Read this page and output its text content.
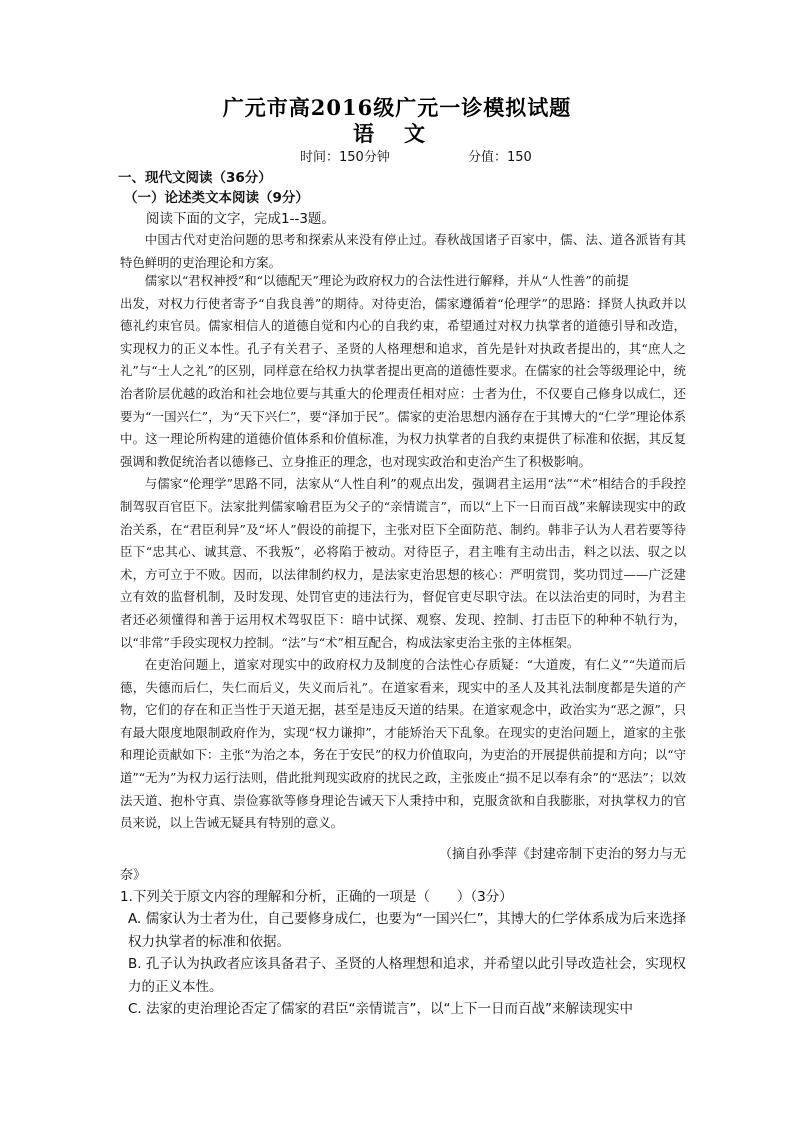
广元市高2016级广元一诊模拟试题
语文
时间：150分钟	分值：150
一、现代文阅读（36分）
（一）论述类文本阅读（9分）
阅读下面的文字，完成1--3题。

中国古代对吏治问题的思考和探索从来没有停止过。春秋战国诸子百家中，儒、法、道各派皆有其特色鲜明的吏治理论和方案。

儒家以“君权神授”和“以德配天”理论为政府权力的合法性进行解释，并从“人性善”的前提

出发，对权力行使者寄予“自我良善”的期待。对待吏治，儒家遵循着“伦理学”的思路：择贤人执政并以德礼约束官员。儒家相信人的道德自觉和内心的自我约束，希望通过对权力执掌者的道德引导和改造，实现权力的正义本性。孔子有关君子、圣贤的人格理想和追求，首先是针对执政者提出的，其“庶人之礼”与“士人之礼”的区别，同样意在给权力执掌者提出更高的道德性要求。在儒家的社会等级理论中，统治者阶层优越的政治和社会地位要与其重大的伦理责任相对应：士者为仕，不仅要自己修身以成仁，还要为“一国兴仁”，为“天下兴仁”，要“泽加于民”。儒家的吏治思想内涵存在于其博大的“仁学”理论体系中。这一理论所构建的道德价值体系和价值标准，为权力执掌者的自我约束提供了标准和依据，其反复强调和教促统治者以德修己、立身推正的理念，也对现实政治和吏治产生了积极影响。

与儒家“伦理学”思路不同，法家从“人性自利”的观点出发，强调君主运用“法”“术”相结合的手段控制驾驭百官臣下。法家批判儒家喻君臣为父子的“亲情谎言”，而以“上下一日而百战”来解读现实中的政治关系，在“君臣利异”及“坏人”假设的前提下，主张对臣下全面防范、制约。韩非子认为人君若要等待臣下“忠其心、诚其意、不我叛”，必将陷于被动。对待臣子，君主唯有主动出击，料之以法、驭之以术，方可立于不败。因而，以法律制约权力，是法家吏治思想的核心：严明赏罚，奖功罚过——广泛建立有效的监督机制，及时发现、处罚官吏的违法行为，督促官吏尽职守法。在以法治吏的同时，为君主者还必须懂得和善于运用权术驾驭臣下：暗中试探、观察、发现、控制、打击臣下的种种不轨行为，以“非常”手段实现权力控制。“法”与“术”相互配合，构成法家吏治主张的主体框架。

在吏治问题上，道家对现实中的政府权力及制度的合法性心存质疑：“大道废，有仁义”“失道而后德，失德而后仁，失仁而后义，失义而后礼”。在道家看来，现实中的圣人及其礼法制度都是失道的产物，它们的存在和正当性于天道无据，甚至是违反天道的结果。在道家观念中，政治实为“恶之源”，只有最大限度地限制政府作为，实现“权力谦抑”，才能矫治天下乱象。在现实的吏治问题上，道家的主张和理论贡献如下：主张“为治之本，务在于安民”的权力价值取向，为吏治的开展提供前提和方向；以“守道”“无为”为权力运行法则，借此批判现实政府的扰民之政，主张废止“损不足以奉有余”的“恶法”；以效法天道、抱朴守真、崇俭寡欲等修身理论告诫天下人秉持中和，克服贪欲和自我膨胀，对执掌权力的官员来说，以上告诫无疑具有特别的意义。

（摘自孙季萍《封建帝制下吏治的努力与无
奈》
1.下列关于原文内容的理解和分析，正确的一项是（　　）（3分）
A. 儒家认为士者为仕，自己要修身成仁，也要为“一国兴仁”，其博大的仁学体系成为后来选择权力执掌者的标准和依据。
B. 孔子认为执政者应该具备君子、圣贤的人格理想和追求，并希望以此引导改造社会，实现权力的正义本性。
C. 法家的吏治理论否定了儒家的君臣“亲情谎言”，以“上下一日而百战”来解读现实中
